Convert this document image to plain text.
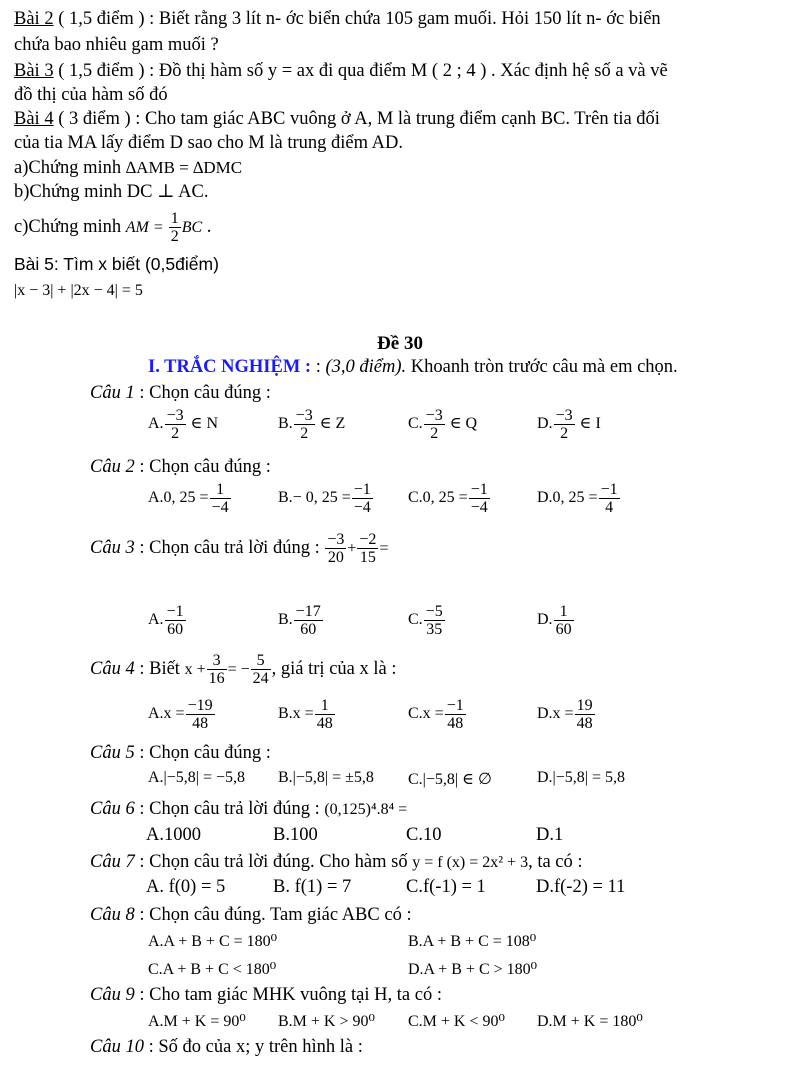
Bài 2 ( 1,5 điểm ) : Biết rằng 3 lít n- ớc biển chứa 105 gam muối. Hỏi 150 lít n- ớc biển
chứa bao nhiêu gam muối ?
Bài 3 ( 1,5 điểm ) : Đồ thị hàm số y = ax đi qua điểm M ( 2 ; 4 ) . Xác định hệ số a và vẽ
đồ thị của hàm số đó
Bài 4 ( 3 điểm ) : Cho tam giác ABC vuông ở A, M là trung điểm cạnh BC. Trên tia đối
của tia MA lấy điểm D sao cho M là trung điểm AD.
a)Chứng minh ∆AMB = ∆DMC
b)Chứng minh DC ⊥ AC.
c)Chứng minh AM = $\frac{1}{2}$ BC .
Bài 5: Tìm x biết (0,5điểm)
|x − 3| + |2x − 4| = 5
Đề 30
I. TRẮC NGHIỆM : : (3,0 điểm). Khoanh tròn trước câu mà em chọn.
Câu 1 : Chọn câu đúng :
A. $\frac{-3}{2}$ ∈ N	B. $\frac{-3}{2}$ ∈ Z	C. $\frac{-3}{2}$ ∈ Q	D. $\frac{-3}{2}$ ∈ I
Câu 2 : Chọn câu đúng :
A.0, $25 = \frac{1}{-4}$	B.− 0, $25 = \frac{-1}{-4} C.0$, $25 = \frac{-1}{-4}$	D.0, $25 = \frac{-1}{4}$
Câu 3 : Chọn câu trả lời đúng : $\frac{-3}{20} + \frac{-2}{15}$ =
A. $\frac{-1}{60}$	B. $\frac{-17}{60}$	C. $\frac{-5}{35}$	D. $\frac{1}{60}$
Câu 4 : Biết $x + \frac{3}{16}$ = − $\frac{5}{24}$ , giá trị của x là :
$A.x = \frac{-19}{48}$	$B.x = \frac{1}{48}$	$C.x = \frac{-1}{48}$	$D.x = \frac{19}{48}$
Câu 5 : Chọn câu đúng :
A.|−5,8| = −5,8 B.|−5,8| = ±5,8 C.|−5,8| ∈ ∅	D.|−5,8| = 5,8
Câu 6 : Chọn câu trả lời đúng : (0,125)⁴.8⁴ =
A.1000	B.100	C.10	D.1
Câu 7 : Chọn câu trả lời đúng. Cho hàm số y = f (x) = 2x² + 3, ta có :
A. f(0) = 5	B. f(1) = 7	C.f(-1) = 1	D.f(-2) = 11
Câu 8 : Chọn câu đúng. Tam giác ABC có :
A.A + B + C = 180⁰	B.A + B + C = 108⁰
C.A + B + C < 180⁰	D.A + B + C > 180⁰
Câu 9 : Cho tam giác MHK vuông tại H, ta có :
A.M + K = 90⁰ B.M + K > 90⁰ C.M + K < 90⁰ D.M + K = 180⁰
Câu 10 : Số đo của x; y trên hình là :
